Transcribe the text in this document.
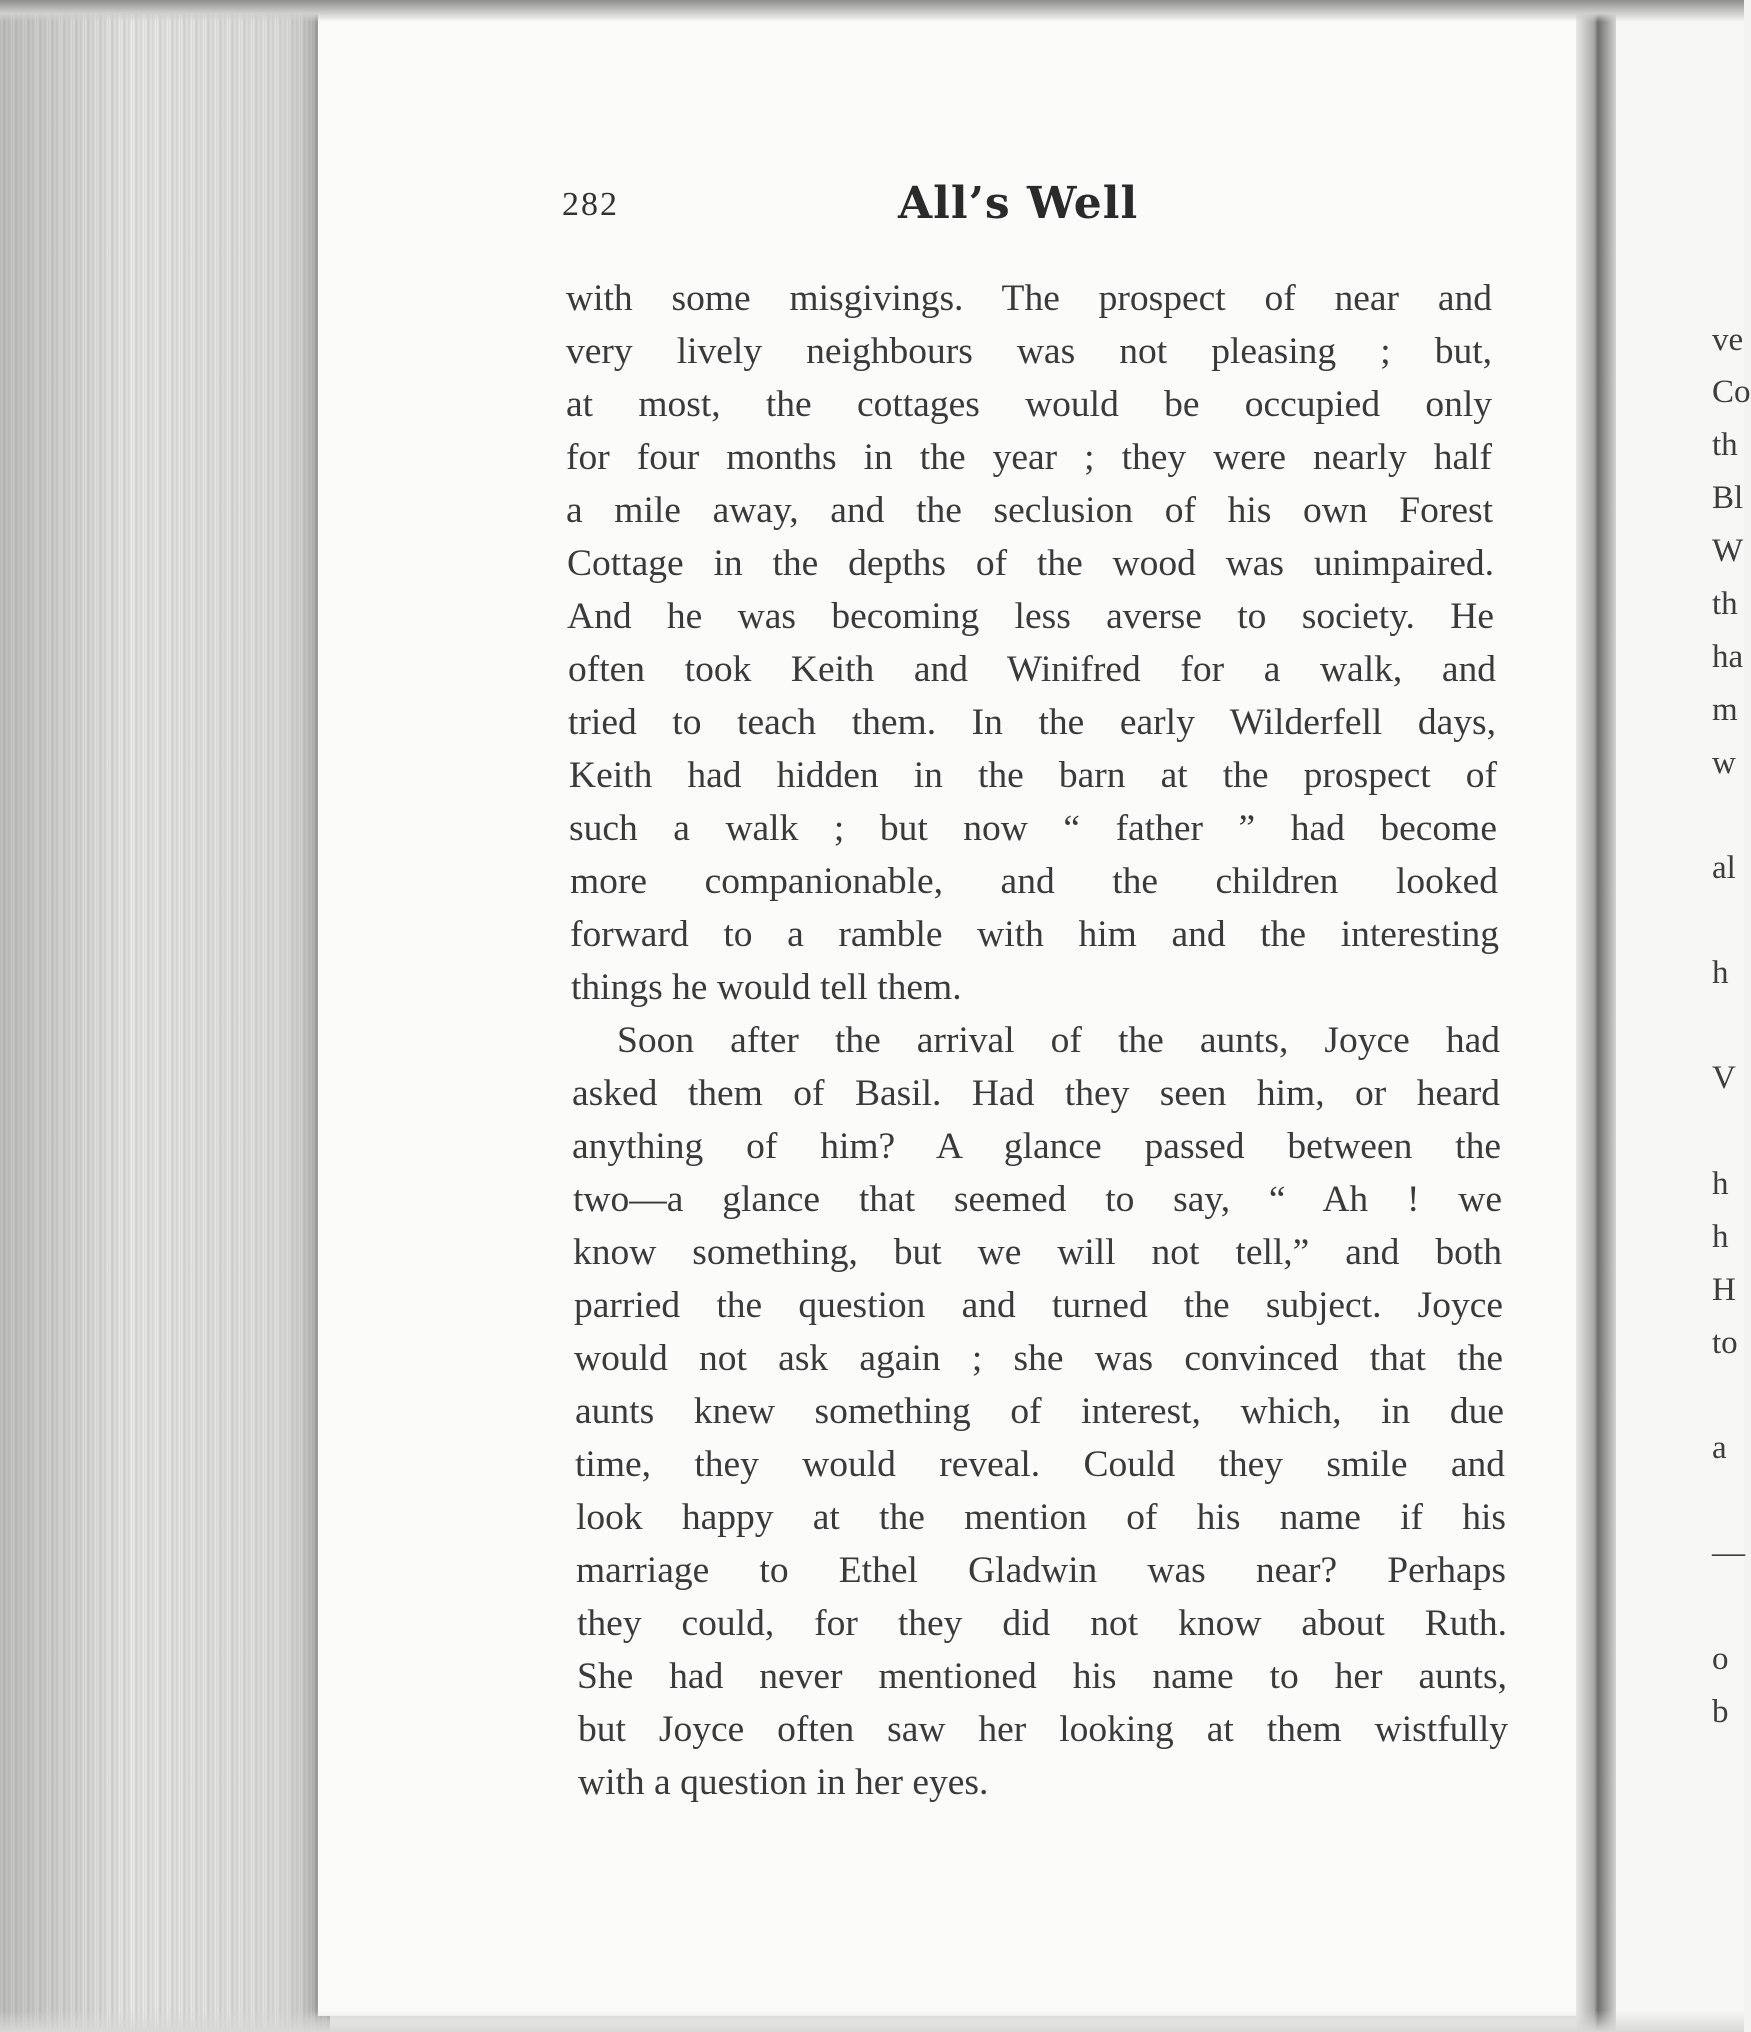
ve
Co
th
Bl
W
th
ha
m
w
al
h
V
h
h
H
to
a
—
o
b
282	All’s Well
with some misgivings. The prospect of near and
very lively neighbours was not pleasing ; but,
at most, the cottages would be occupied only
for four months in the year ; they were nearly half
a mile away, and the seclusion of his own Forest
Cottage in the depths of the wood was unimpaired.
And he was becoming less averse to society. He
often took Keith and Winifred for a walk, and
tried to teach them. In the early Wilderfell days,
Keith had hidden in the barn at the prospect of
such a walk ; but now “ father ” had become
more companionable, and the children looked
forward to a ramble with him and the interesting
things he would tell them.
Soon after the arrival of the aunts, Joyce had
asked them of Basil. Had they seen him, or heard
anything of him? A glance passed between the
two—a glance that seemed to say, “ Ah ! we
know something, but we will not tell,” and both
parried the question and turned the subject. Joyce
would not ask again ; she was convinced that the
aunts knew something of interest, which, in due
time, they would reveal. Could they smile and
look happy at the mention of his name if his
marriage to Ethel Gladwin was near? Perhaps
they could, for they did not know about Ruth.
She had never mentioned his name to her aunts,
but Joyce often saw her looking at them wistfully
with a question in her eyes.
